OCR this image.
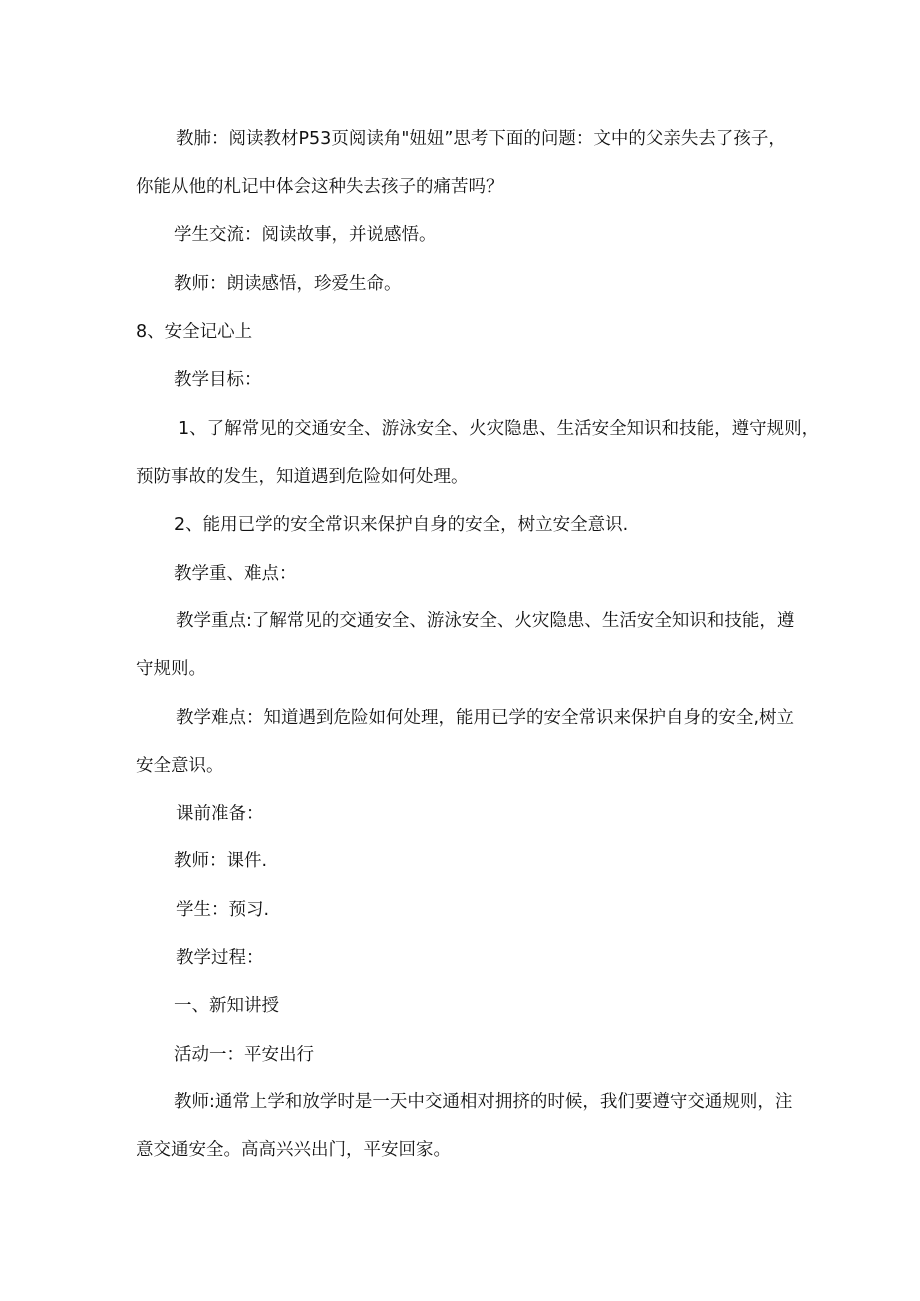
教肺：阅读教材P53页阅读角"妞妞”思考下面的问题：文中的父亲失去了孩子，
你能从他的札记中体会这种失去孩子的痛苦吗？
学生交流：阅读故事，并说感悟。
教师：朗读感悟，珍爱生命。
8、安全记心上
教学目标：
1、了解常见的交通安全、游泳安全、火灾隐患、生活安全知识和技能，遵守规则，
预防事故的发生，知道遇到危险如何处理。
2、能用已学的安全常识来保护自身的安全，树立安全意识.
教学重、难点：
教学重点:了解常见的交通安全、游泳安全、火灾隐患、生活安全知识和技能，遵
守规则。
教学难点：知道遇到危险如何处理，能用已学的安全常识来保护自身的安全,树立
安全意识。
课前准备：
教师：课件.
学生：预习.
教学过程：
一、新知讲授
活动一：平安出行
教师:通常上学和放学时是一天中交通相对拥挤的时候，我们要遵守交通规则，注
意交通安全。高高兴兴出门，平安回家。
